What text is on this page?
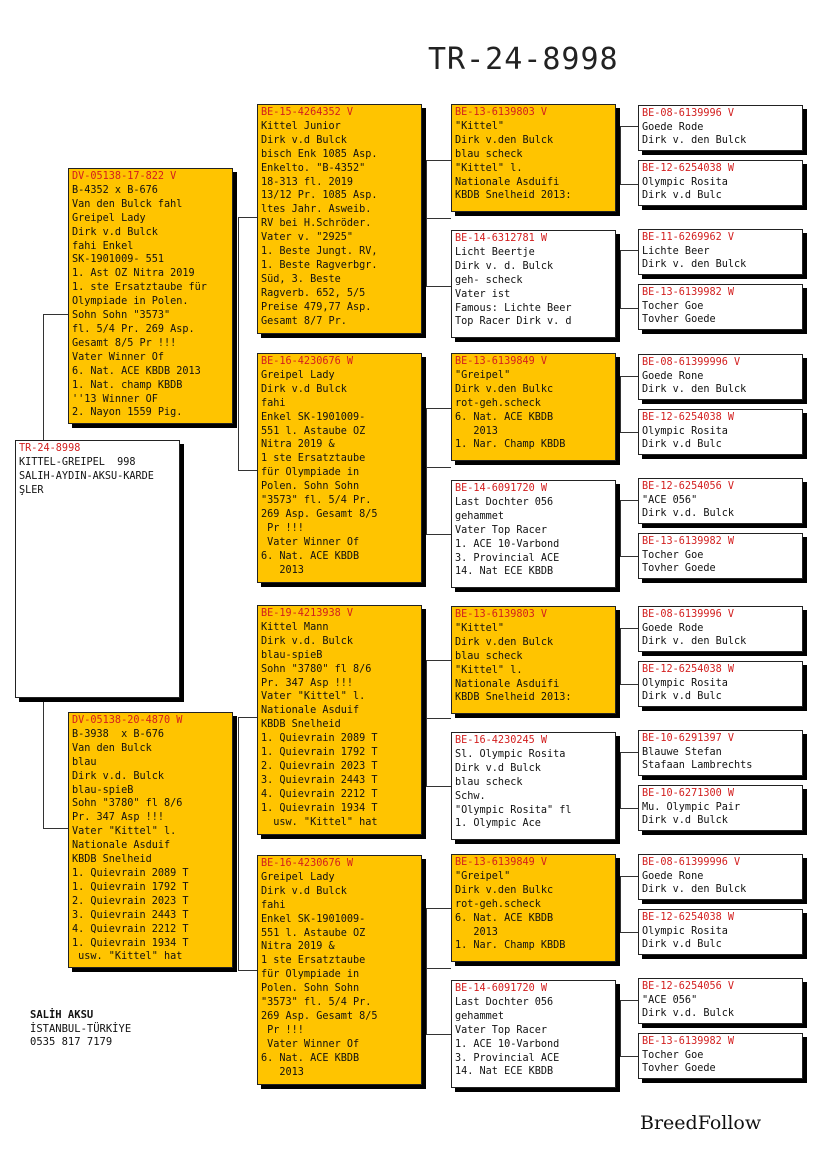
TR-24-8998
TR-24-8998
KITTEL-GREIPEL  998
SALIH-AYDIN-AKSU-KARDE
ŞLER
DV-05138-17-822 V
B-4352 x B-676
Van den Bulck fahl
Greipel Lady
Dirk v.d Bulck
fahi Enkel
SK-1901009- 551
1. Ast OZ Nitra 2019
1. ste Ersatztaube für
Olympiade in Polen.
Sohn Sohn "3573"
fl. 5/4 Pr. 269 Asp.
Gesamt 8/5 Pr !!!
Vater Winner Of
6. Nat. ACE KBDB 2013
1. Nat. champ KBDB
''13 Winner OF
2. Nayon 1559 Pig.
DV-05138-20-4870 W
B-3938  x B-676
Van den Bulck
blau
Dirk v.d. Bulck
blau-spieB
Sohn "3780" fl 8/6
Pr. 347 Asp !!!
Vater "Kittel" l.
Nationale Asduif
KBDB Snelheid
1. Quievrain 2089 T
1. Quievrain 1792 T
2. Quievrain 2023 T
3. Quievrain 2443 T
4. Quievrain 2212 T
1. Quievrain 1934 T
usw. "Kittel" hat
BE-15-4264352 V
Kittel Junior
Dirk v.d Bulck
bisch Enk 1085 Asp.
Enkelto. "B-4352"
18-313 fl. 2019
13/12 Pr. 1085 Asp.
ltes Jahr. Asweib.
RV bei H.Schröder.
Vater v. "2925"
1. Beste Jungt. RV,
1. Beste Ragverbgr.
Süd, 3. Beste
Ragverb. 652, 5/5
Preise 479,77 Asp.
Gesamt 8/7 Pr.
BE-16-4230676 W
Greipel Lady
Dirk v.d Bulck
fahi
Enkel SK-1901009-
551 l. Astaube OZ
Nitra 2019 &
1 ste Ersatztaube
für Olympiade in
Polen. Sohn Sohn
"3573" fl. 5/4 Pr.
269 Asp. Gesamt 8/5
Pr !!!
Vater Winner Of
6. Nat. ACE KBDB
2013
BE-19-4213938 V
Kittel Mann
Dirk v.d. Bulck
blau-spieB
Sohn "3780" fl 8/6
Pr. 347 Asp !!!
Vater "Kittel" l.
Nationale Asduif
KBDB Snelheid
1. Quievrain 2089 T
1. Quievrain 1792 T
2. Quievrain 2023 T
3. Quievrain 2443 T
4. Quievrain 2212 T
1. Quievrain 1934 T
usw. "Kittel" hat
BE-16-4230676 W
Greipel Lady
Dirk v.d Bulck
fahi
Enkel SK-1901009-
551 l. Astaube OZ
Nitra 2019 &
1 ste Ersatztaube
für Olympiade in
Polen. Sohn Sohn
"3573" fl. 5/4 Pr.
269 Asp. Gesamt 8/5
Pr !!!
Vater Winner Of
6. Nat. ACE KBDB
2013
BE-13-6139803 V
"Kittel"
Dirk v.den Bulck
blau scheck
"Kittel" l.
Nationale Asduifi
KBDB Snelheid 2013:
BE-14-6312781 W
Licht Beertje
Dirk v. d. Bulck
geh- scheck
Vater ist
Famous: Lichte Beer
Top Racer Dirk v. d
BE-13-6139849 V
"Greipel"
Dirk v.den Bulkc
rot-geh.scheck
6. Nat. ACE KBDB
2013
1. Nar. Champ KBDB
BE-14-6091720 W
Last Dochter 056
gehammet
Vater Top Racer
1. ACE 10-Varbond
3. Provincial ACE
14. Nat ECE KBDB
BE-13-6139803 V
"Kittel"
Dirk v.den Bulck
blau scheck
"Kittel" l.
Nationale Asduifi
KBDB Snelheid 2013:
BE-16-4230245 W
Sl. Olympic Rosita
Dirk v.d Bulck
blau scheck
Schw.
"Olympic Rosita" fl
1. Olympic Ace
BE-13-6139849 V
"Greipel"
Dirk v.den Bulkc
rot-geh.scheck
6. Nat. ACE KBDB
2013
1. Nar. Champ KBDB
BE-14-6091720 W
Last Dochter 056
gehammet
Vater Top Racer
1. ACE 10-Varbond
3. Provincial ACE
14. Nat ECE KBDB
BE-08-6139996 V
Goede Rode
Dirk v. den Bulck
BE-12-6254038 W
Olympic Rosita
Dirk v.d Bulc
BE-11-6269962 V
Lichte Beer
Dirk v. den Bulck
BE-13-6139982 W
Tocher Goe
Tovher Goede
BE-08-61399996 V
Goede Rone
Dirk v. den Bulck
BE-12-6254038 W
Olympic Rosita
Dirk v.d Bulc
BE-12-6254056 V
"ACE 056"
Dirk v.d. Bulck
BE-13-6139982 W
Tocher Goe
Tovher Goede
BE-08-6139996 V
Goede Rode
Dirk v. den Bulck
BE-12-6254038 W
Olympic Rosita
Dirk v.d Bulc
BE-10-6291397 V
Blauwe Stefan
Stafaan Lambrechts
BE-10-6271300 W
Mu. Olympic Pair
Dirk v.d Bulck
BE-08-61399996 V
Goede Rone
Dirk v. den Bulck
BE-12-6254038 W
Olympic Rosita
Dirk v.d Bulc
BE-12-6254056 V
"ACE 056"
Dirk v.d. Bulck
BE-13-6139982 W
Tocher Goe
Tovher Goede
SALİH AKSU
İSTANBUL-TÜRKİYE
0535 817 7179
BreedFollow
